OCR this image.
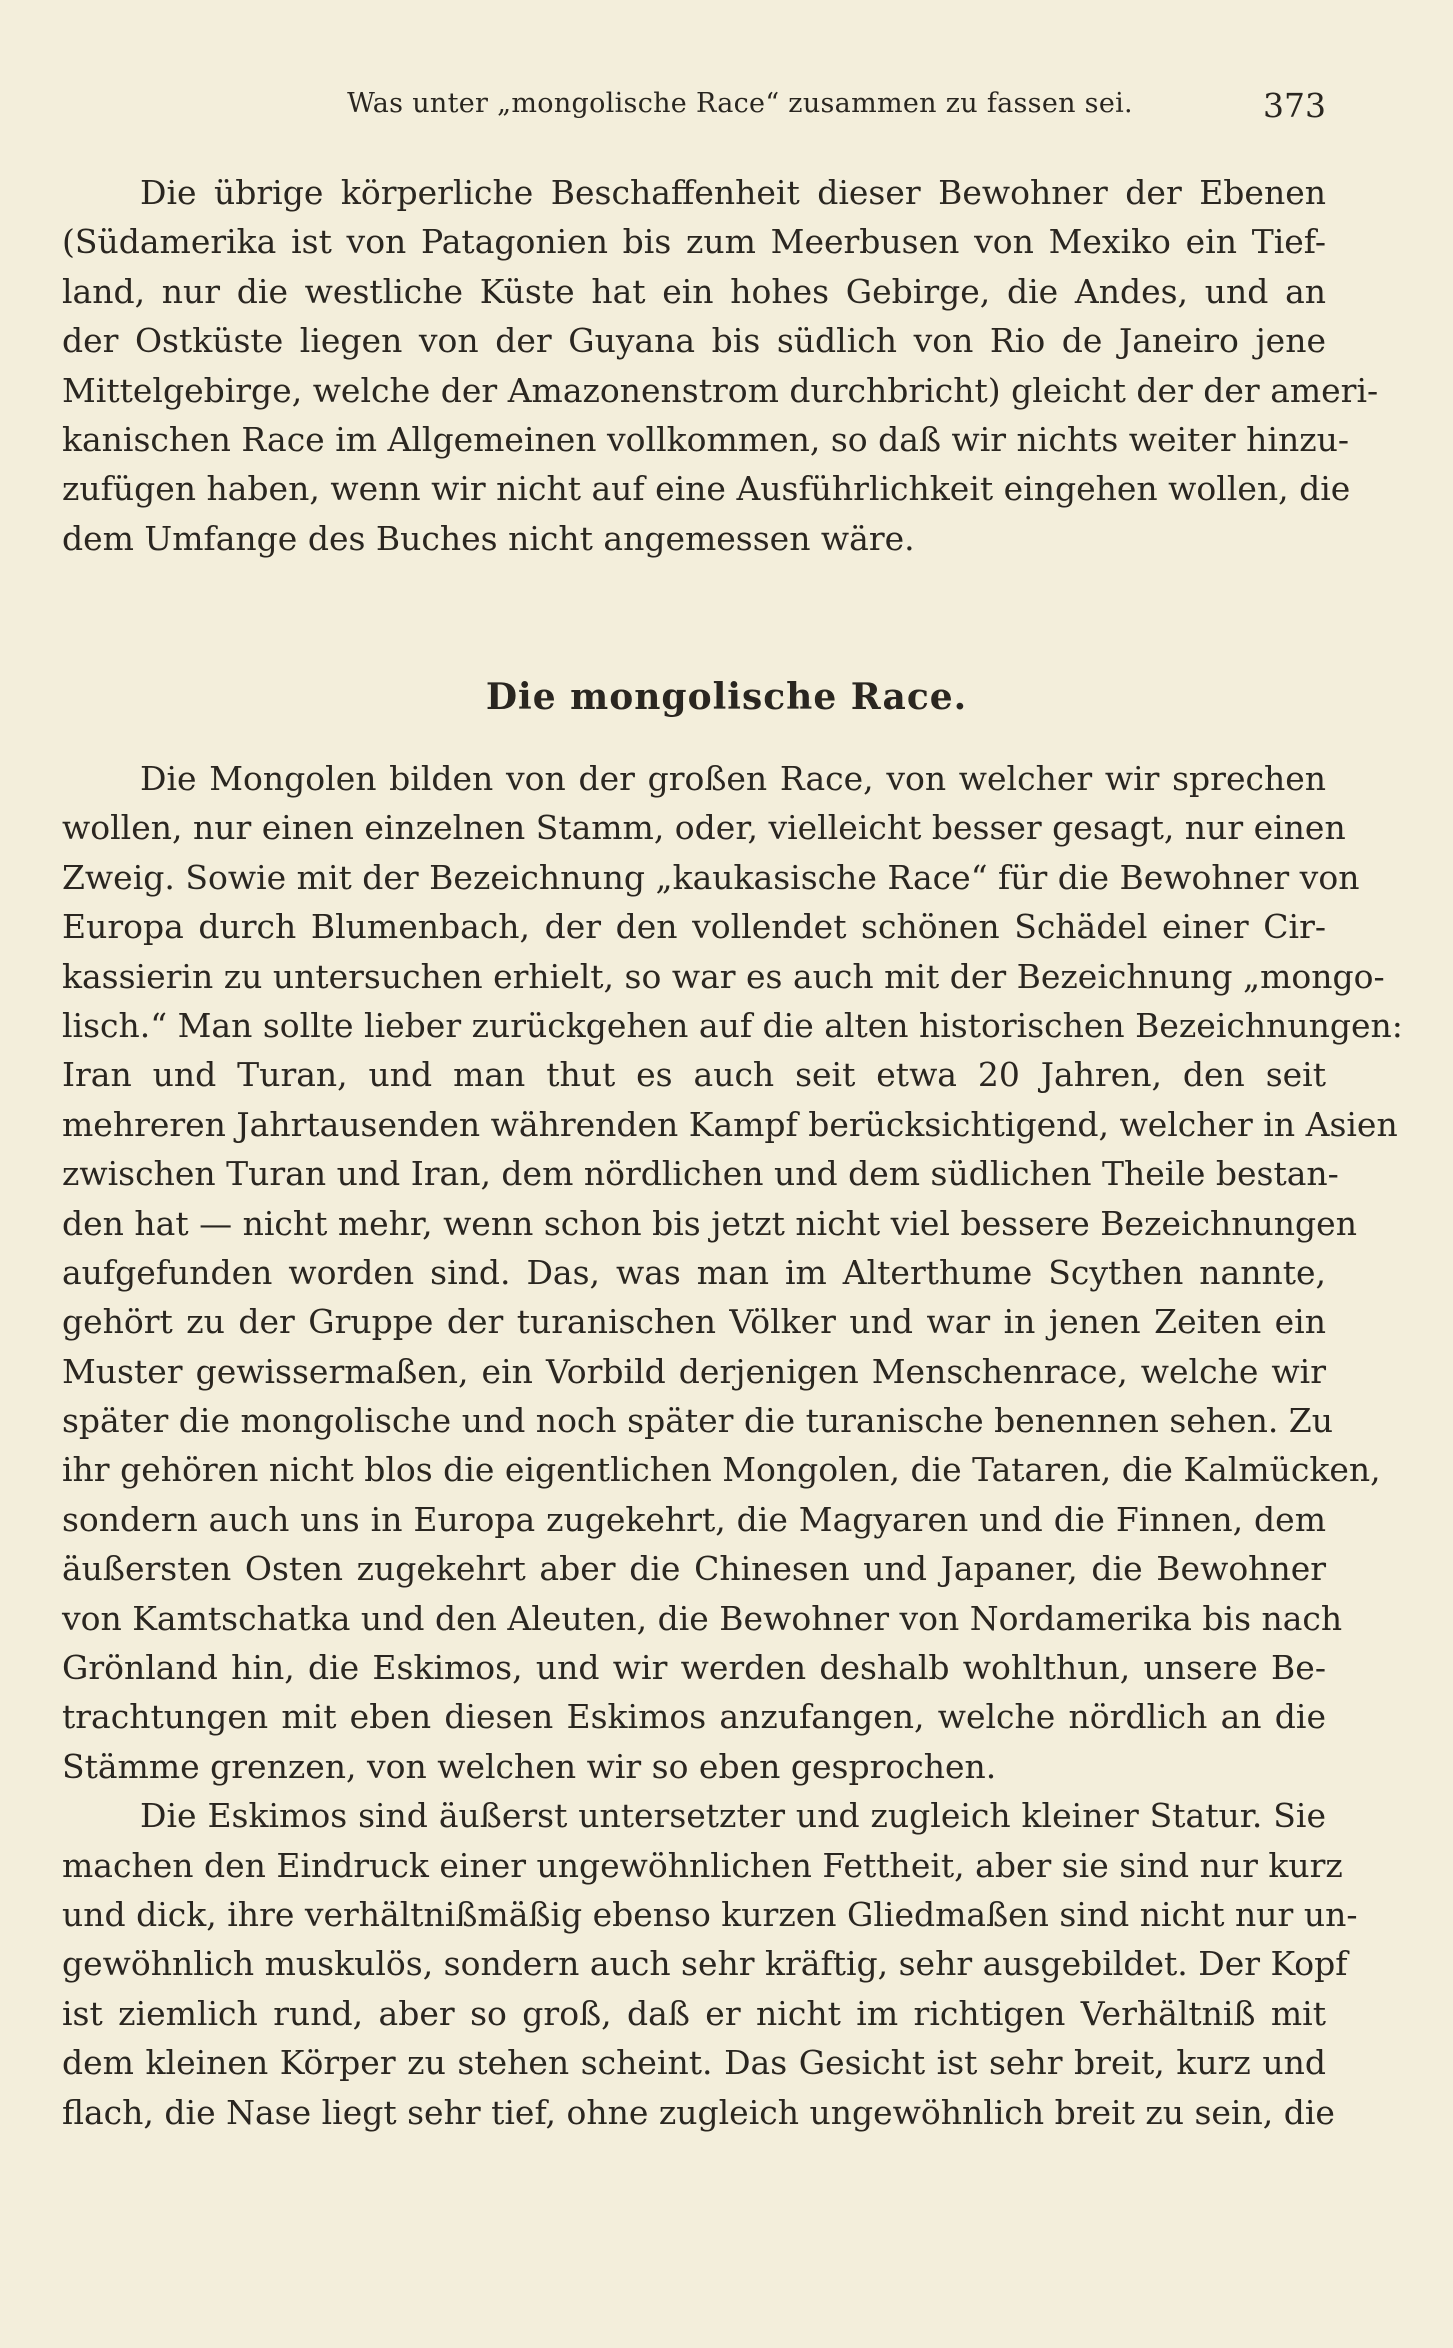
Was unter „mongolische Race“ zusammen zu fassen sei.	373
Die übrige körperliche Beschaffenheit dieser Bewohner der Ebenen
(Südamerika ist von Patagonien bis zum Meerbusen von Mexiko ein Tief-
land, nur die westliche Küste hat ein hohes Gebirge, die Andes, und an
der Ostküste liegen von der Guyana bis südlich von Rio de Janeiro jene
Mittelgebirge, welche der Amazonenstrom durchbricht) gleicht der der ameri-
kanischen Race im Allgemeinen vollkommen, so daß wir nichts weiter hinzu-
zufügen haben, wenn wir nicht auf eine Ausführlichkeit eingehen wollen, die
dem Umfange des Buches nicht angemessen wäre.
Die mongolische Race.
Die Mongolen bilden von der großen Race, von welcher wir sprechen
wollen, nur einen einzelnen Stamm, oder, vielleicht besser gesagt, nur einen
Zweig. Sowie mit der Bezeichnung „kaukasische Race“ für die Bewohner von
Europa durch Blumenbach, der den vollendet schönen Schädel einer Cir-
kassierin zu untersuchen erhielt, so war es auch mit der Bezeichnung „mongo-
lisch.“ Man sollte lieber zurückgehen auf die alten historischen Bezeichnungen:
Iran und Turan, und man thut es auch seit etwa 20 Jahren, den seit
mehreren Jahrtausenden währenden Kampf berücksichtigend, welcher in Asien
zwischen Turan und Iran, dem nördlichen und dem südlichen Theile bestan-
den hat — nicht mehr, wenn schon bis jetzt nicht viel bessere Bezeichnungen
aufgefunden worden sind. Das, was man im Alterthume Scythen nannte,
gehört zu der Gruppe der turanischen Völker und war in jenen Zeiten ein
Muster gewissermaßen, ein Vorbild derjenigen Menschenrace, welche wir
später die mongolische und noch später die turanische benennen sehen. Zu
ihr gehören nicht blos die eigentlichen Mongolen, die Tataren, die Kalmücken,
sondern auch uns in Europa zugekehrt, die Magyaren und die Finnen, dem
äußersten Osten zugekehrt aber die Chinesen und Japaner, die Bewohner
von Kamtschatka und den Aleuten, die Bewohner von Nordamerika bis nach
Grönland hin, die Eskimos, und wir werden deshalb wohlthun, unsere Be-
trachtungen mit eben diesen Eskimos anzufangen, welche nördlich an die
Stämme grenzen, von welchen wir so eben gesprochen.
Die Eskimos sind äußerst untersetzter und zugleich kleiner Statur. Sie
machen den Eindruck einer ungewöhnlichen Fettheit, aber sie sind nur kurz
und dick, ihre verhältnißmäßig ebenso kurzen Gliedmaßen sind nicht nur un-
gewöhnlich muskulös, sondern auch sehr kräftig, sehr ausgebildet. Der Kopf
ist ziemlich rund, aber so groß, daß er nicht im richtigen Verhältniß mit
dem kleinen Körper zu stehen scheint. Das Gesicht ist sehr breit, kurz und
flach, die Nase liegt sehr tief, ohne zugleich ungewöhnlich breit zu sein, die
